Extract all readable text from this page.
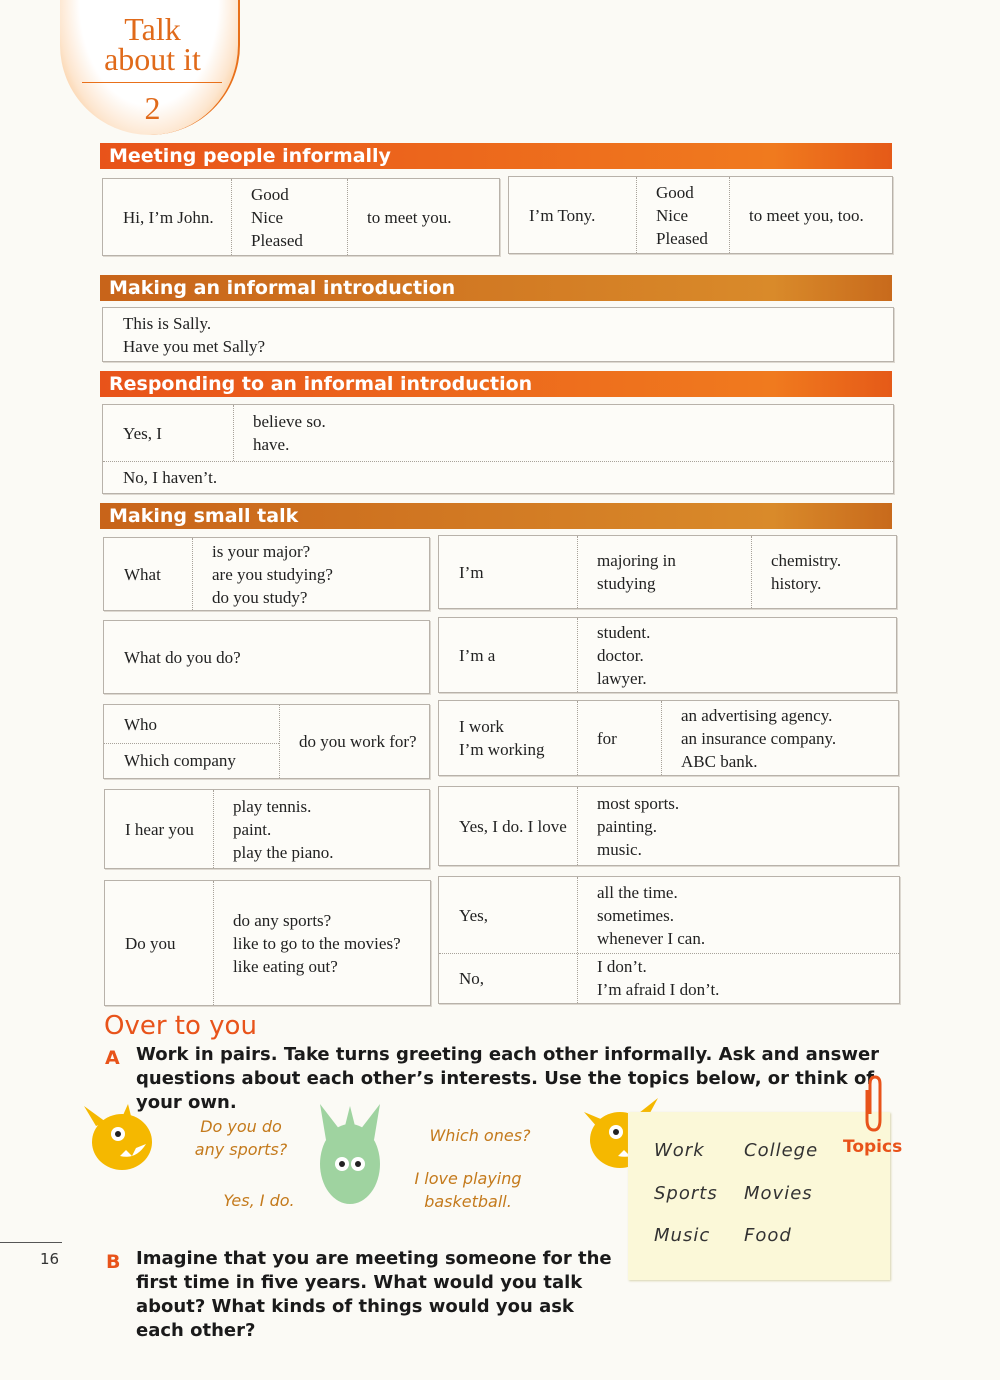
Talk
about it
2
Meeting people informally
Hi, I’m John.
Good
Nice
Pleased
to meet you.	I’m Tony.
Good
Nice
Pleased
to meet you, too.
Making an informal introduction
This is Sally.
Have you met Sally?
Responding to an informal introduction
Yes, I
believe so.
have.
No, I haven’t.
Making small talk
What
is your major?
are you studying?
do you study?
I’m
majoring in
studying
chemistry.
history.
What do you do?	I’m a
student.
doctor.
lawyer.
Who
Which company
do you work for?
I work
I’m working
for
an advertising agency.
an insurance company.
ABC bank.
I hear you
play tennis.
paint.
play the piano.
Yes, I do. I love
most sports.
painting.
music.
Do you
do any sports?
like to go to the movies?
like eating out?
Yes,
all the time.
sometimes.
whenever I can.
No,
I don’t.
I’m afraid I don’t.
Over to you
A Work in pairs. Take turns greeting each other informally. Ask and answer questions about each other’s interests. Use the topics below, or think of your own.
Do you do any sports?
Yes, I do.
Which ones?
I love playing basketball.
Topics
Work College
Sports Movies
Music Food
16 B Imagine that you are meeting someone for the first time in five years. What would you talk about? What kinds of things would you ask each other?
